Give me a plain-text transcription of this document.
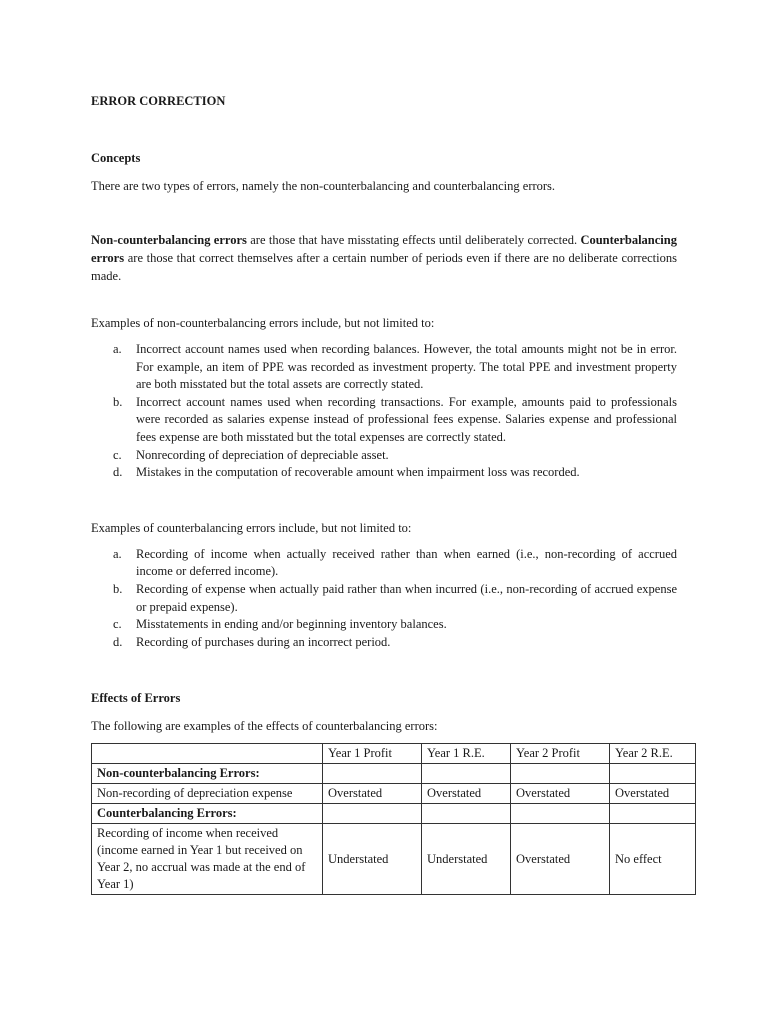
ERROR CORRECTION
Concepts

There are two types of errors, namely the non-counterbalancing and counterbalancing errors.

Non-counterbalancing errors are those that have misstating effects until deliberately corrected. Counterbalancing errors are those that correct themselves after a certain number of periods even if there are no deliberate corrections made.

Examples of non-counterbalancing errors include, but not limited to:

a. Incorrect account names used when recording balances. However, the total amounts might not be in error. For example, an item of PPE was recorded as investment property. The total PPE and investment property are both misstated but the total assets are correctly stated.
b. Incorrect account names used when recording transactions. For example, amounts paid to professionals were recorded as salaries expense instead of professional fees expense. Salaries expense and professional fees expense are both misstated but the total expenses are correctly stated.
c. Nonrecording of depreciation of depreciable asset.
d. Mistakes in the computation of recoverable amount when impairment loss was recorded.

Examples of counterbalancing errors include, but not limited to:

a. Recording of income when actually received rather than when earned (i.e., non-recording of accrued income or deferred income).
b. Recording of expense when actually paid rather than when incurred (i.e., non-recording of accrued expense or prepaid expense).
c. Misstatements in ending and/or beginning inventory balances.
d. Recording of purchases during an incorrect period.
Effects of Errors

The following are examples of the effects of counterbalancing errors:

	Year 1 Profit	Year 1 R.E.	Year 2 Profit	Year 2 R.E.
Non-counterbalancing Errors:				
Non-recording of depreciation expense	Overstated	Overstated	Overstated	Overstated
Counterbalancing Errors:				
Recording of income when received (income earned in Year 1 but received on Year 2, no accrual was made at the end of Year 1)	Understated	Understated	Overstated	No effect
